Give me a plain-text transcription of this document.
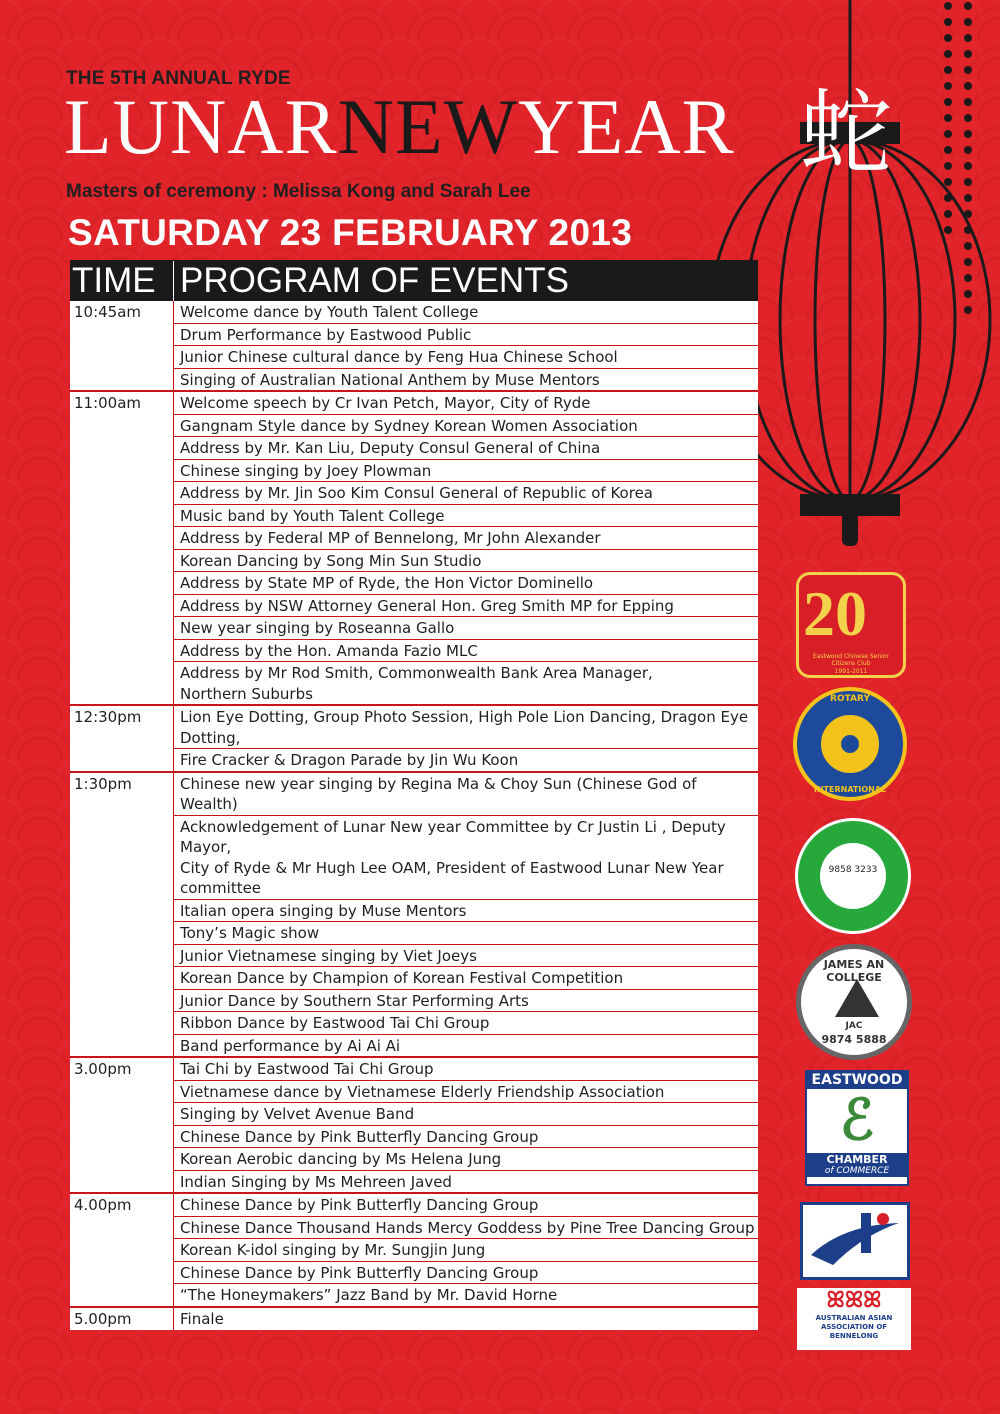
THE 5TH ANNUAL RYDE
LUNARNEWYEAR 蛇
Masters of ceremony : Melissa Kong and Sarah Lee
SATURDAY 23 FEBRUARY 2013
TIME PROGRAM OF EVENTS
10:45am	Welcome dance by Youth Talent College
Drum Performance by Eastwood Public
Junior Chinese cultural dance by Feng Hua Chinese School
Singing of Australian National Anthem by Muse Mentors
11:00am	Welcome speech by Cr Ivan Petch, Mayor, City of Ryde
Gangnam Style dance by Sydney Korean Women Association
Address by Mr. Kan Liu, Deputy Consul General of China
Chinese singing by Joey Plowman
Address by Mr. Jin Soo Kim Consul General of Republic of Korea
Music band by Youth Talent College
Address by Federal MP of Bennelong, Mr John Alexander
Korean Dancing by Song Min Sun Studio
Address by State MP of Ryde, the Hon Victor Dominello
Address by NSW Attorney General Hon. Greg Smith MP for Epping
New year singing by Roseanna Gallo
Address by the Hon. Amanda Fazio MLC
Address by Mr Rod Smith, Commonwealth Bank Area Manager,
Northern Suburbs
12:30pm	Lion Eye Dotting, Group Photo Session, High Pole Lion Dancing, Dragon Eye
Dotting,
Fire Cracker & Dragon Parade by Jin Wu Koon
1:30pm	Chinese new year singing by Regina Ma & Choy Sun (Chinese God of Wealth)
Acknowledgement of Lunar New year Committee by Cr Justin Li , Deputy
Mayor,
City of Ryde & Mr Hugh Lee OAM, President of Eastwood Lunar New Year
committee
Italian opera singing by Muse Mentors
Tony’s Magic show
Junior Vietnamese singing by Viet Joeys
Korean Dance by Champion of Korean Festival Competition
Junior Dance by Southern Star Performing Arts
Ribbon Dance by Eastwood Tai Chi Group
Band performance by Ai Ai Ai
3.00pm	Tai Chi by Eastwood Tai Chi Group
Vietnamese dance by Vietnamese Elderly Friendship Association
Singing by Velvet Avenue Band
Chinese Dance by Pink Butterfly Dancing Group
Korean Aerobic dancing by Ms Helena Jung
Indian Singing by Ms Mehreen Javed
4.00pm	Chinese Dance by Pink Butterfly Dancing Group
Chinese Dance Thousand Hands Mercy Goddess by Pine Tree Dancing Group
Korean K-idol singing by Mr. Sungjin Jung
Chinese Dance by Pink Butterfly Dancing Group
“The Honeymakers” Jazz Band by Mr. David Horne
5.00pm	Finale
20
Eastwood Chinese Senior Citizens Club
1991-2011
ROTARY
INTERNATIONAL
9858 3233
JAMES AN COLLEGE
JAC
9874 5888
EASTWOOD
ℰ
CHAMBER
of COMMERCE
ꕤꕤꕤ
AUSTRALIAN ASIAN
ASSOCIATION OF BENNELONG
